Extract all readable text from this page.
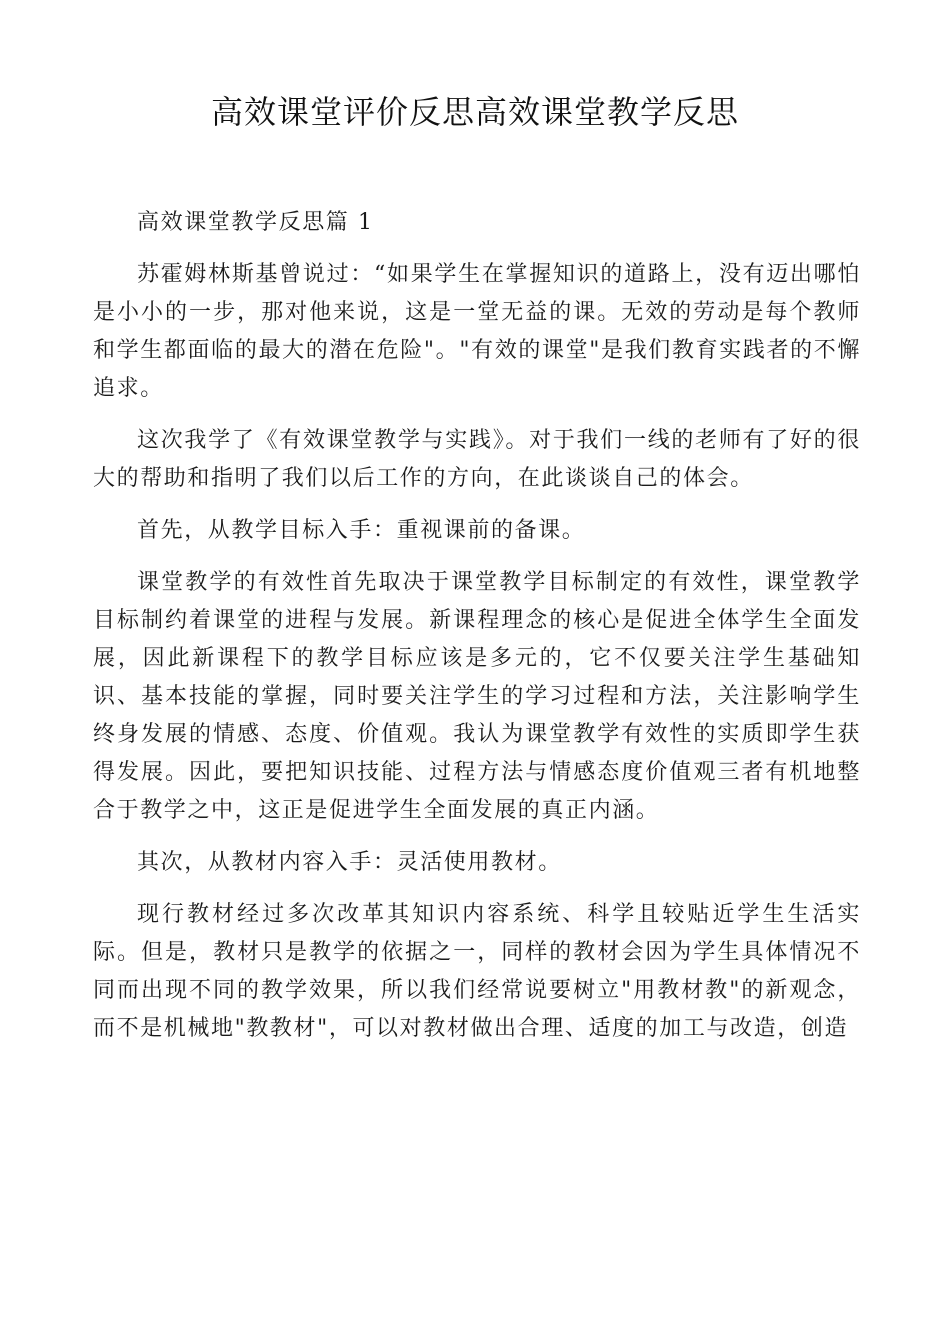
高效课堂评价反思高效课堂教学反思

高效课堂教学反思篇 1

苏霍姆林斯基曾说过：“如果学生在掌握知识的道路上，没有迈出哪怕是小小的一步，那对他来说，这是一堂无益的课。无效的劳动是每个教师和学生都面临的最大的潜在危险"。"有效的课堂"是我们教育实践者的不懈追求。

这次我学了《有效课堂教学与实践》。对于我们一线的老师有了好的很大的帮助和指明了我们以后工作的方向，在此谈谈自己的体会。

首先，从教学目标入手：重视课前的备课。

课堂教学的有效性首先取决于课堂教学目标制定的有效性，课堂教学目标制约着课堂的进程与发展。新课程理念的核心是促进全体学生全面发展，因此新课程下的教学目标应该是多元的，它不仅要关注学生基础知识、基本技能的掌握，同时要关注学生的学习过程和方法，关注影响学生终身发展的情感、态度、价值观。我认为课堂教学有效性的实质即学生获得发展。因此，要把知识技能、过程方法与情感态度价值观三者有机地整合于教学之中，这正是促进学生全面发展的真正内涵。

其次，从教材内容入手：灵活使用教材。

现行教材经过多次改革其知识内容系统、科学且较贴近学生生活实际。但是，教材只是教学的依据之一，同样的教材会因为学生具体情况不同而出现不同的教学效果，所以我们经常说要树立"用教材教"的新观念，而不是机械地"教教材"，可以对教材做出合理、适度的加工与改造，创造
